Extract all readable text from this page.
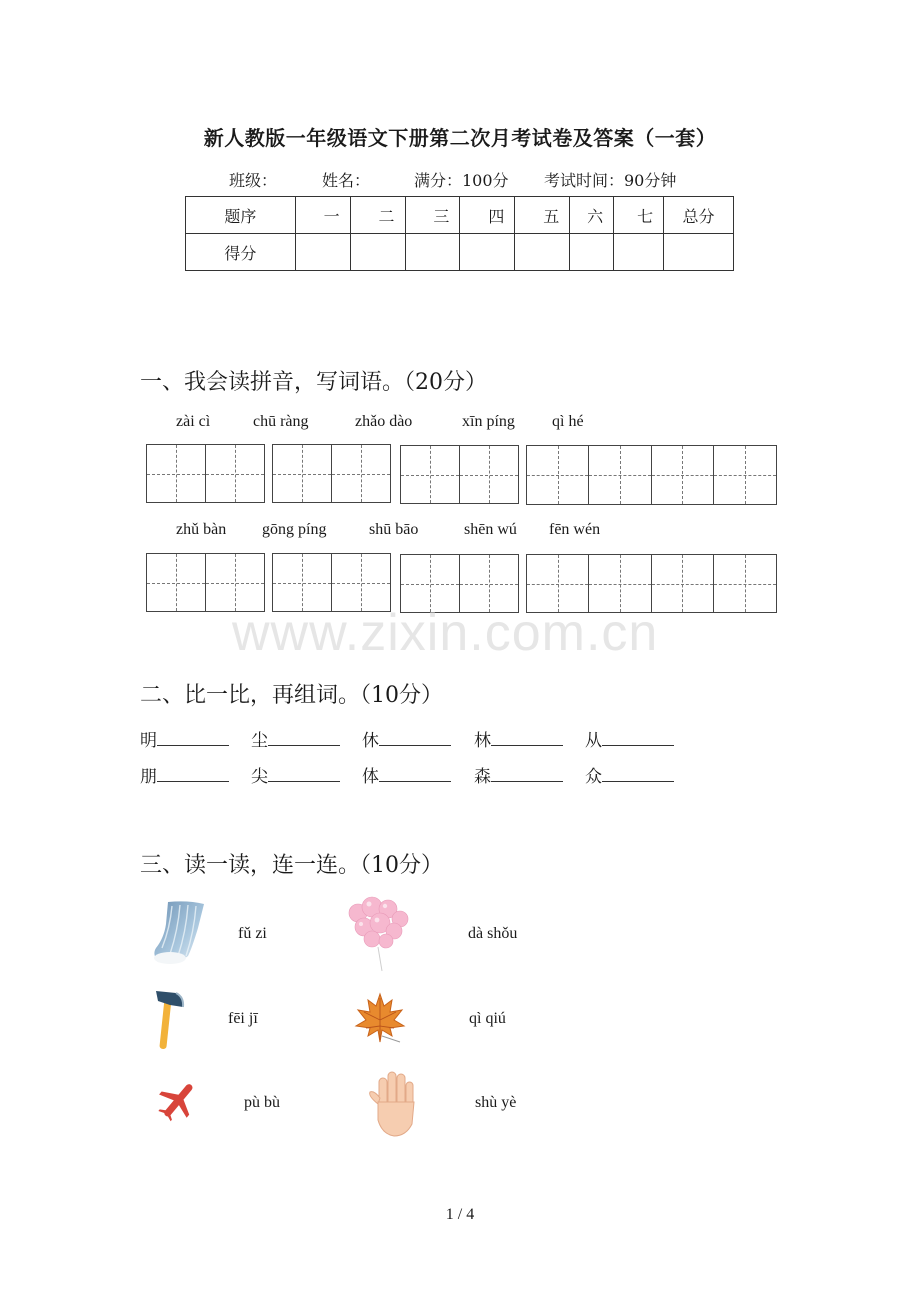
新人教版一年级语文下册第二次月考试卷及答案（一套）
班级：	姓名：	满分：100分 考试时间：90分钟
题序	一	二	三	四	五	六	七	总分
得分								
一、我会读拼音，写词语。（20分）
zài cì	chū ràng	zhǎo dào	xīn píng qì hé
zhǔ bàn gōng píng	shū bāo	shēn wú fēn wén
www.zixin.com.cn
二、比一比，再组词。（10分）
明	尘	休	林	从
朋	尖	体	森	众
三、读一读，连一连。（10分）
fǔ zi	dà shǒu
fēi jī	qì qiú
pù bù	shù yè
1 / 4
